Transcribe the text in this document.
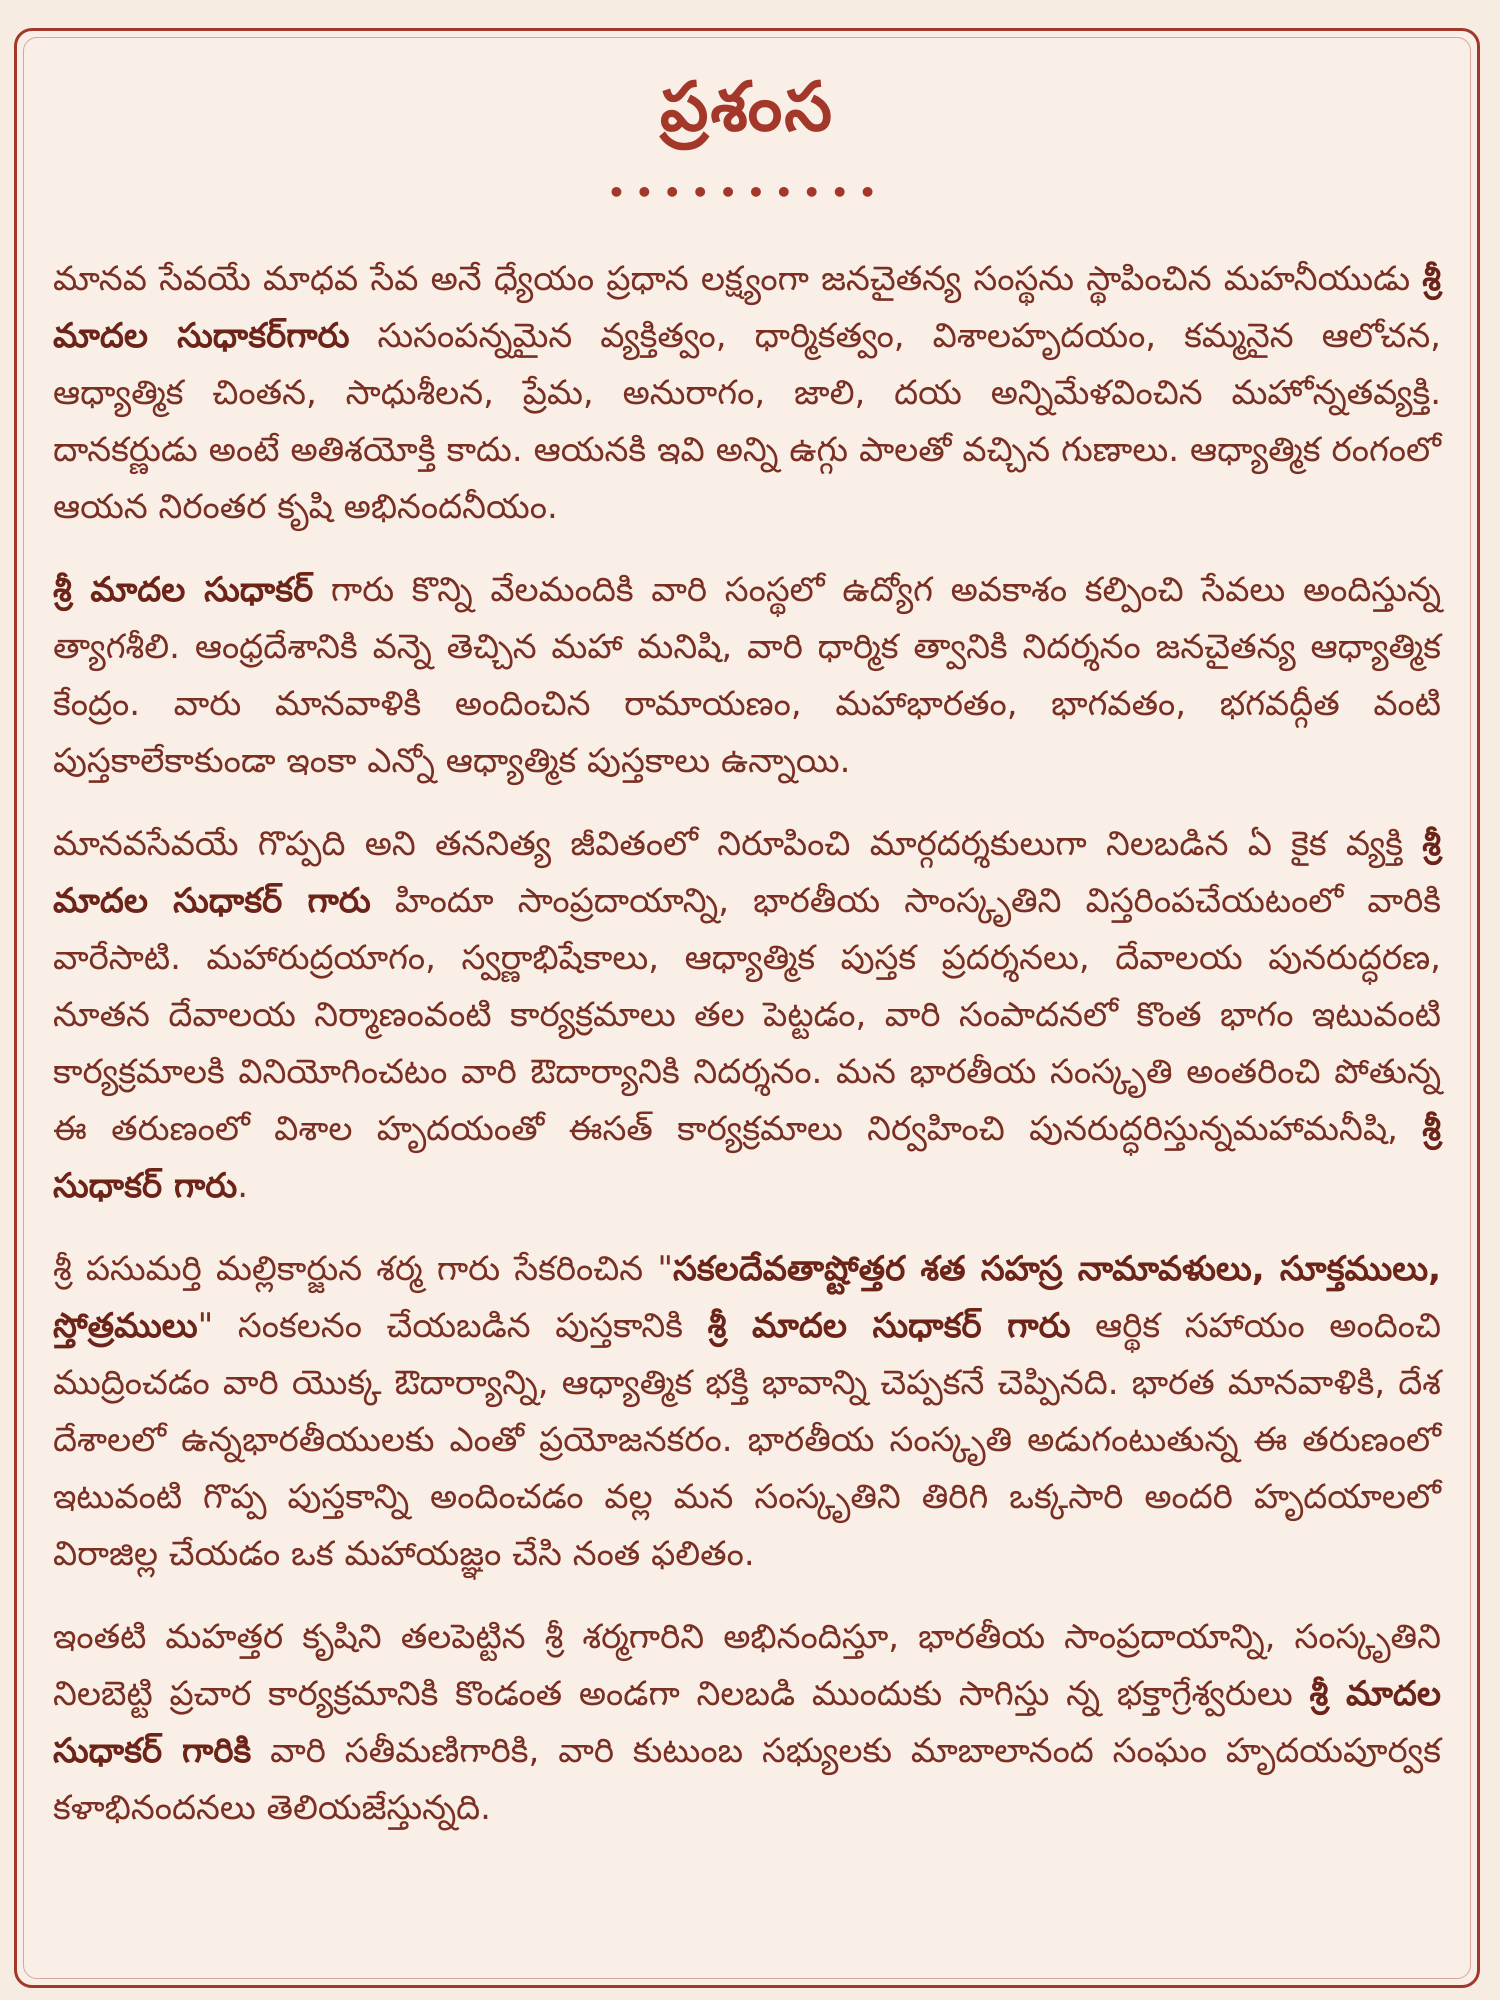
ప్రశంస
••••••••••

మానవ సేవయే మాధవ సేవ అనే ధ్యేయం ప్రధాన లక్ష్యంగా జనచైతన్య సంస్థను స్థాపించిన మహనీయుడు శ్రీ మాదల సుధాకర్‌గారు సుసంపన్నమైన వ్యక్తిత్వం, ధార్మికత్వం, విశాలహృదయం, కమ్మనైన ఆలోచన, ఆధ్యాత్మిక చింతన, సాధుశీలన, ప్రేమ, అనురాగం, జాలి, దయ అన్నిమేళవించిన మహోన్నతవ్యక్తి. దానకర్ణుడు అంటే అతిశయోక్తి కాదు. ఆయనకి ఇవి అన్ని ఉగ్గు పాలతో వచ్చిన గుణాలు. ఆధ్యాత్మిక రంగంలో ఆయన నిరంతర కృషి అభినందనీయం.

శ్రీ మాదల సుధాకర్ గారు కొన్ని వేలమందికి వారి సంస్థలో ఉద్యోగ అవకాశం కల్పించి సేవలు అందిస్తున్న త్యాగశీలి. ఆంధ్రదేశానికి వన్నె తెచ్చిన మహా మనిషి, వారి ధార్మిక త్వానికి నిదర్శనం జనచైతన్య ఆధ్యాత్మిక కేంద్రం. వారు మానవాళికి అందించిన రామాయణం, మహాభారతం, భాగవతం, భగవద్గీత వంటి పుస్తకాలేకాకుండా ఇంకా ఎన్నో ఆధ్యాత్మిక పుస్తకాలు ఉన్నాయి.

మానవసేవయే గొప్పది అని తననిత్య జీవితంలో నిరూపించి మార్గదర్శకులుగా నిలబడిన ఏ కైక వ్యక్తి శ్రీ మాదల సుధాకర్ గారు హిందూ సాంప్రదాయాన్ని, భారతీయ సాంస్కృతిని విస్తరింపచేయటంలో వారికి వారేసాటి. మహారుద్రయాగం, స్వర్ణాభిషేకాలు, ఆధ్యాత్మిక పుస్తక ప్రదర్శనలు, దేవాలయ పునరుద్ధరణ, నూతన దేవాలయ నిర్మాణంవంటి కార్యక్రమాలు తల పెట్టడం, వారి సంపాదనలో కొంత భాగం ఇటువంటి కార్యక్రమాలకి వినియోగించటం వారి ఔదార్యానికి నిదర్శనం. మన భారతీయ సంస్కృతి అంతరించి పోతున్న ఈ తరుణంలో విశాల హృదయంతో ఈసత్ కార్యక్రమాలు నిర్వహించి పునరుద్ధరిస్తున్నమహామనీషి, శ్రీ సుధాకర్ గారు.

శ్రీ పసుమర్తి మల్లికార్జున శర్మ గారు సేకరించిన "సకలదేవతాష్టోత్తర శత సహస్ర నామావళులు, సూక్తములు, స్తోత్రములు" సంకలనం చేయబడిన పుస్తకానికి శ్రీ మాదల సుధాకర్ గారు ఆర్థిక సహాయం అందించి ముద్రించడం వారి యొక్క ఔదార్యాన్ని, ఆధ్యాత్మిక భక్తి భావాన్ని చెప్పకనే చెప్పినది. భారత మానవాళికి, దేశ దేశాలలో ఉన్నభారతీయులకు ఎంతో ప్రయోజనకరం. భారతీయ సంస్కృతి అడుగంటుతున్న ఈ తరుణంలో ఇటువంటి గొప్ప పుస్తకాన్ని అందించడం వల్ల మన సంస్కృతిని తిరిగి ఒక్కసారి అందరి హృదయాలలో విరాజిల్ల చేయడం ఒక మహాయజ్ఞం చేసి నంత ఫలితం.

ఇంతటి మహత్తర కృషిని తలపెట్టిన శ్రీ శర్మగారిని అభినందిస్తూ, భారతీయ సాంప్రదాయాన్ని, సంస్కృతిని నిలబెట్టి ప్రచార కార్యక్రమానికి కొండంత అండగా నిలబడి ముందుకు సాగిస్తు న్న భక్తాగ్రేశ్వరులు శ్రీ మాదల సుధాకర్ గారికి వారి సతీమణిగారికి, వారి కుటుంబ సభ్యులకు మాబాలానంద సంఘం హృదయపూర్వక కళాభినందనలు తెలియజేస్తున్నది.
